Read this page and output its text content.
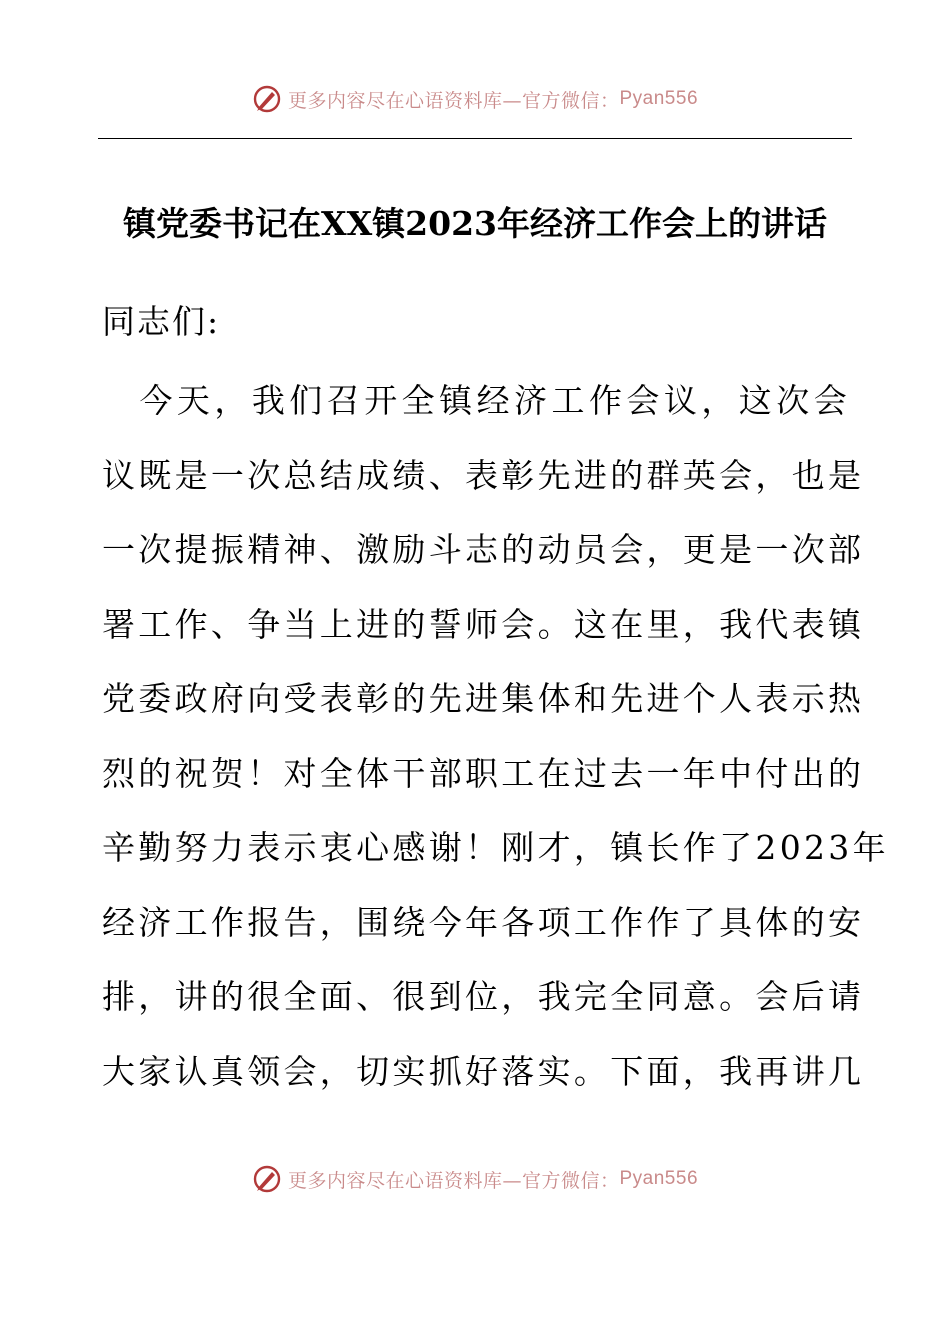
更多内容尽在心语资料库—官方微信： Pyan556
镇党委书记在XX镇2023年经济工作会上的讲话

同志们:

　今天，我们召开全镇经济工作会议，这次会
议既是一次总结成绩、表彰先进的群英会，也是
一次提振精神、激励斗志的动员会，更是一次部
署工作、争当上进的誓师会。这在里，我代表镇
党委政府向受表彰的先进集体和先进个人表示热
烈的祝贺！对全体干部职工在过去一年中付出的
辛勤努力表示衷心感谢！刚才，镇长作了2023年
经济工作报告，围绕今年各项工作作了具体的安
排，讲的很全面、很到位，我完全同意。会后请
大家认真领会，切实抓好落实。下面，我再讲几
更多内容尽在心语资料库—官方微信： Pyan556
